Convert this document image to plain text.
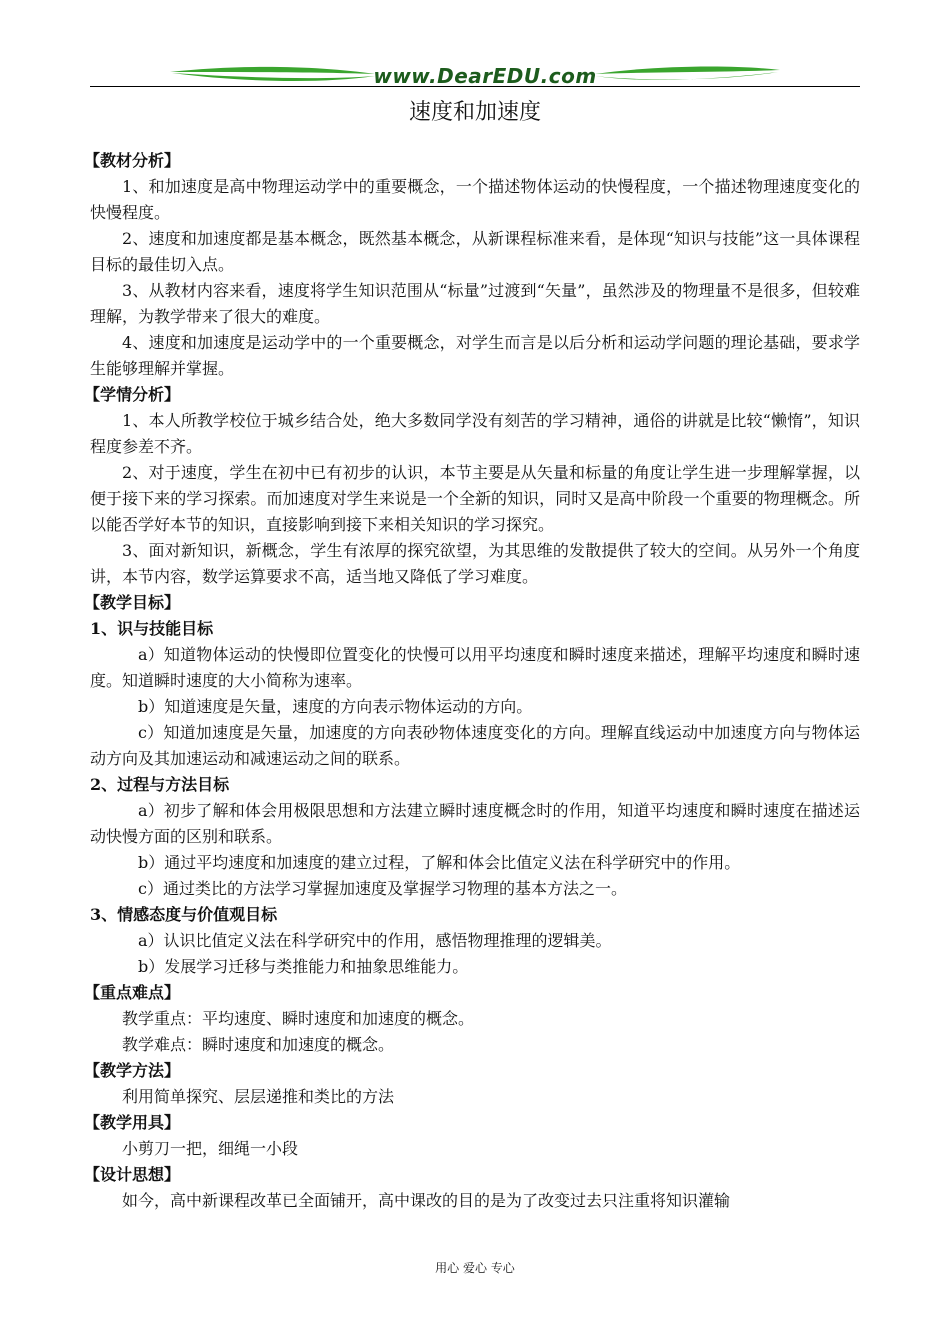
www.DearEDU.com
速度和加速度
【教材分析】
1、和加速度是高中物理运动学中的重要概念，一个描述物体运动的快慢程度，一个描述物理速度变化的快慢程度。
2、速度和加速度都是基本概念，既然基本概念，从新课程标准来看，是体现“知识与技能”这一具体课程目标的最佳切入点。
3、从教材内容来看，速度将学生知识范围从“标量”过渡到“矢量”，虽然涉及的物理量不是很多，但较难理解，为教学带来了很大的难度。
4、速度和加速度是运动学中的一个重要概念，对学生而言是以后分析和运动学问题的理论基础，要求学生能够理解并掌握。
【学情分析】
1、本人所教学校位于城乡结合处，绝大多数同学没有刻苦的学习精神，通俗的讲就是比较“懒惰”，知识程度参差不齐。
2、对于速度，学生在初中已有初步的认识，本节主要是从矢量和标量的角度让学生进一步理解掌握，以便于接下来的学习探索。而加速度对学生来说是一个全新的知识，同时又是高中阶段一个重要的物理概念。所以能否学好本节的知识，直接影响到接下来相关知识的学习探究。
3、面对新知识，新概念，学生有浓厚的探究欲望，为其思维的发散提供了较大的空间。从另外一个角度讲，本节内容，数学运算要求不高，适当地又降低了学习难度。
【教学目标】
1、识与技能目标
a）知道物体运动的快慢即位置变化的快慢可以用平均速度和瞬时速度来描述，理解平均速度和瞬时速度。知道瞬时速度的大小简称为速率。
b）知道速度是矢量，速度的方向表示物体运动的方向。
c）知道加速度是矢量，加速度的方向表砂物体速度变化的方向。理解直线运动中加速度方向与物体运动方向及其加速运动和减速运动之间的联系。
2、过程与方法目标
a）初步了解和体会用极限思想和方法建立瞬时速度概念时的作用，知道平均速度和瞬时速度在描述运动快慢方面的区别和联系。
b）通过平均速度和加速度的建立过程，了解和体会比值定义法在科学研究中的作用。
c）通过类比的方法学习掌握加速度及掌握学习物理的基本方法之一。
3、情感态度与价值观目标
a）认识比值定义法在科学研究中的作用，感悟物理推理的逻辑美。
b）发展学习迁移与类推能力和抽象思维能力。
【重点难点】
教学重点：平均速度、瞬时速度和加速度的概念。
教学难点：瞬时速度和加速度的概念。
【教学方法】
利用简单探究、层层递推和类比的方法
【教学用具】
小剪刀一把，细绳一小段
【设计思想】
如今，高中新课程改革已全面铺开，高中课改的目的是为了改变过去只注重将知识灌输
用心 爱心 专心
